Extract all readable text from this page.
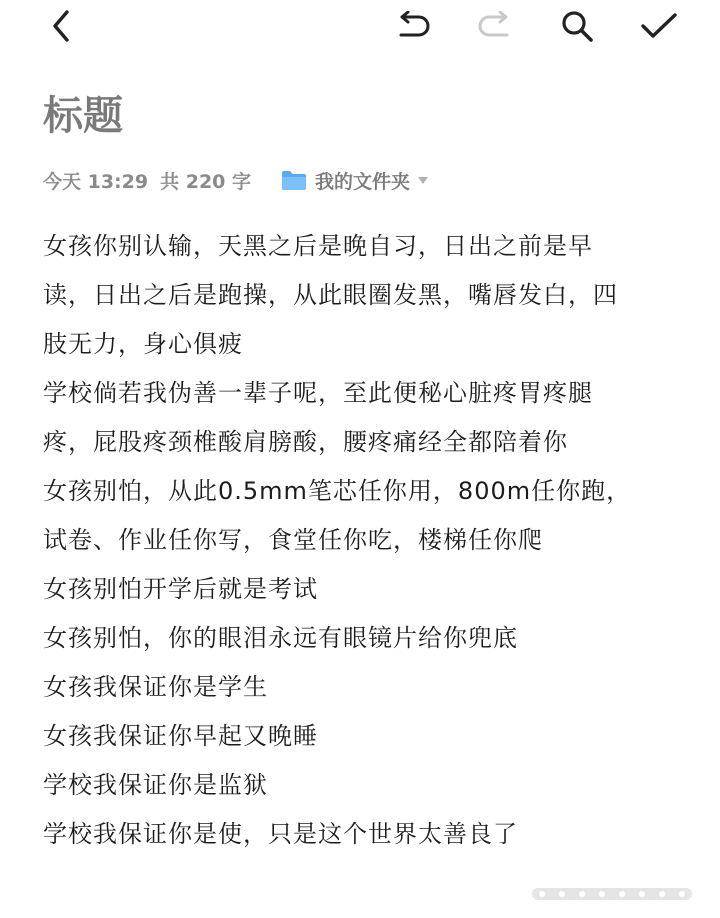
标题
今天 13:29 共 220 字	我的文件夹
女孩你别认输，天黑之后是晚自习，日出之前是早
读，日出之后是跑操，从此眼圈发黑，嘴唇发白，四
肢无力，身心俱疲
学校倘若我伪善一辈子呢，至此便秘心脏疼胃疼腿
疼，屁股疼颈椎酸肩膀酸，腰疼痛经全都陪着你
女孩别怕，从此0.5mm笔芯任你用，800m任你跑，
试卷、作业任你写，食堂任你吃，楼梯任你爬
女孩别怕开学后就是考试
女孩别怕，你的眼泪永远有眼镜片给你兜底
女孩我保证你是学生
女孩我保证你早起又晚睡
学校我保证你是监狱
学校我保证你是使，只是这个世界太善良了
